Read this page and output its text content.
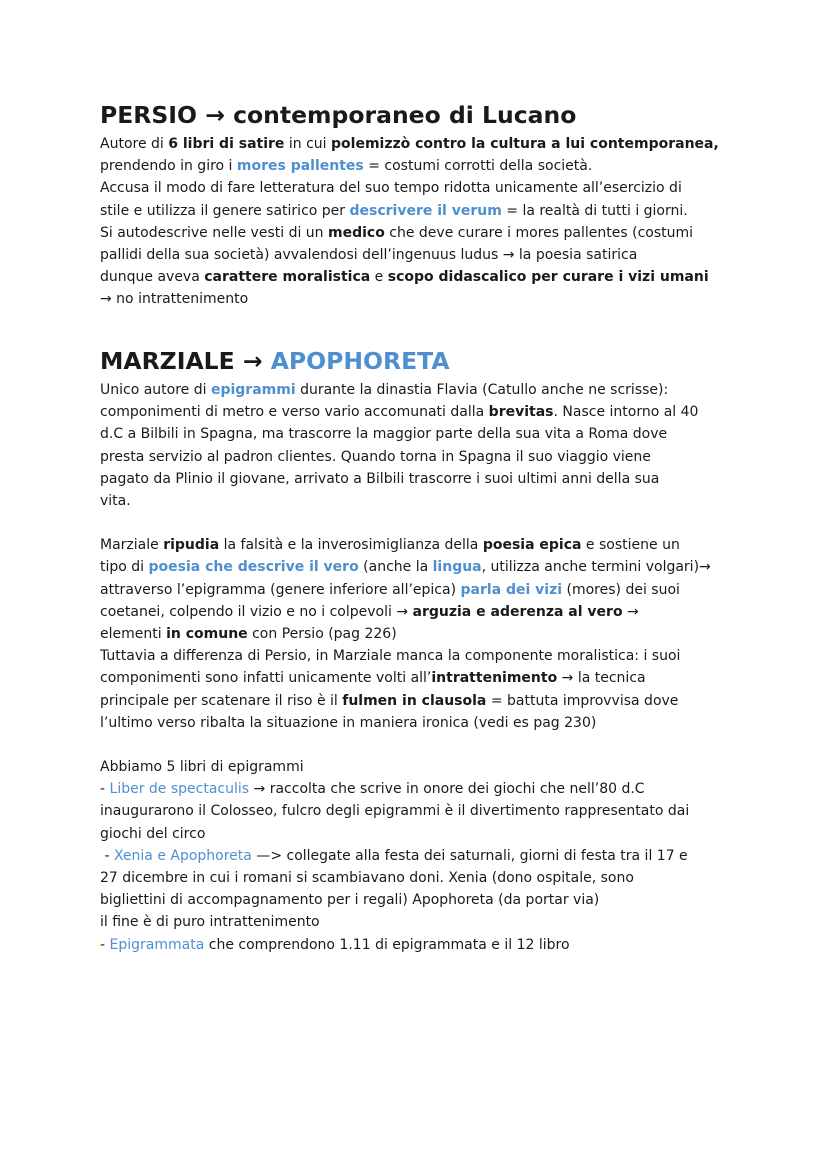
PERSIO → contemporaneo di Lucano
Autore di 6 libri di satire in cui polemizzò contro la cultura a lui contemporanea,
prendendo in giro i mores pallentes = costumi corrotti della società.
Accusa il modo di fare letteratura del suo tempo ridotta unicamente all’esercizio di
stile e utilizza il genere satirico per descrivere il verum = la realtà di tutti i giorni.
Si autodescrive nelle vesti di un medico che deve curare i mores pallentes (costumi
pallidi della sua società) avvalendosi dell’ingenuus ludus → la poesia satirica
dunque aveva carattere moralistica e scopo didascalico per curare i vizi umani
→ no intrattenimento
MARZIALE → APOPHORETA
Unico autore di epigrammi durante la dinastia Flavia (Catullo anche ne scrisse):
componimenti di metro e verso vario accomunati dalla brevitas. Nasce intorno al 40
d.C a Bilbili in Spagna, ma trascorre la maggior parte della sua vita a Roma dove
presta servizio al padron clientes. Quando torna in Spagna il suo viaggio viene
pagato da Plinio il giovane, arrivato a Bilbili trascorre i suoi ultimi anni della sua
vita.
Marziale ripudia la falsità e la inverosimiglianza della poesia epica e sostiene un
tipo di poesia che descrive il vero (anche la lingua, utilizza anche termini volgari)→
attraverso l’epigramma (genere inferiore all’epica) parla dei vizi (mores) dei suoi
coetanei, colpendo il vizio e no i colpevoli → arguzia e aderenza al vero →
elementi in comune con Persio (pag 226)
Tuttavia a differenza di Persio, in Marziale manca la componente moralistica: i suoi
componimenti sono infatti unicamente volti all’intrattenimento → la tecnica
principale per scatenare il riso è il fulmen in clausola = battuta improvvisa dove
l’ultimo verso ribalta la situazione in maniera ironica (vedi es pag 230)
Abbiamo 5 libri di epigrammi
- Liber de spectaculis → raccolta che scrive in onore dei giochi che nell’80 d.C
inaugurarono il Colosseo, fulcro degli epigrammi è il divertimento rappresentato dai
giochi del circo
- Xenia e Apophoreta —> collegate alla festa dei saturnali, giorni di festa tra il 17 e
27 dicembre in cui i romani si scambiavano doni. Xenia (dono ospitale, sono
bigliettini di accompagnamento per i regali) Apophoreta (da portar via)
il fine è di puro intrattenimento
- Epigrammata che comprendono 1.11 di epigrammata e il 12 libro
